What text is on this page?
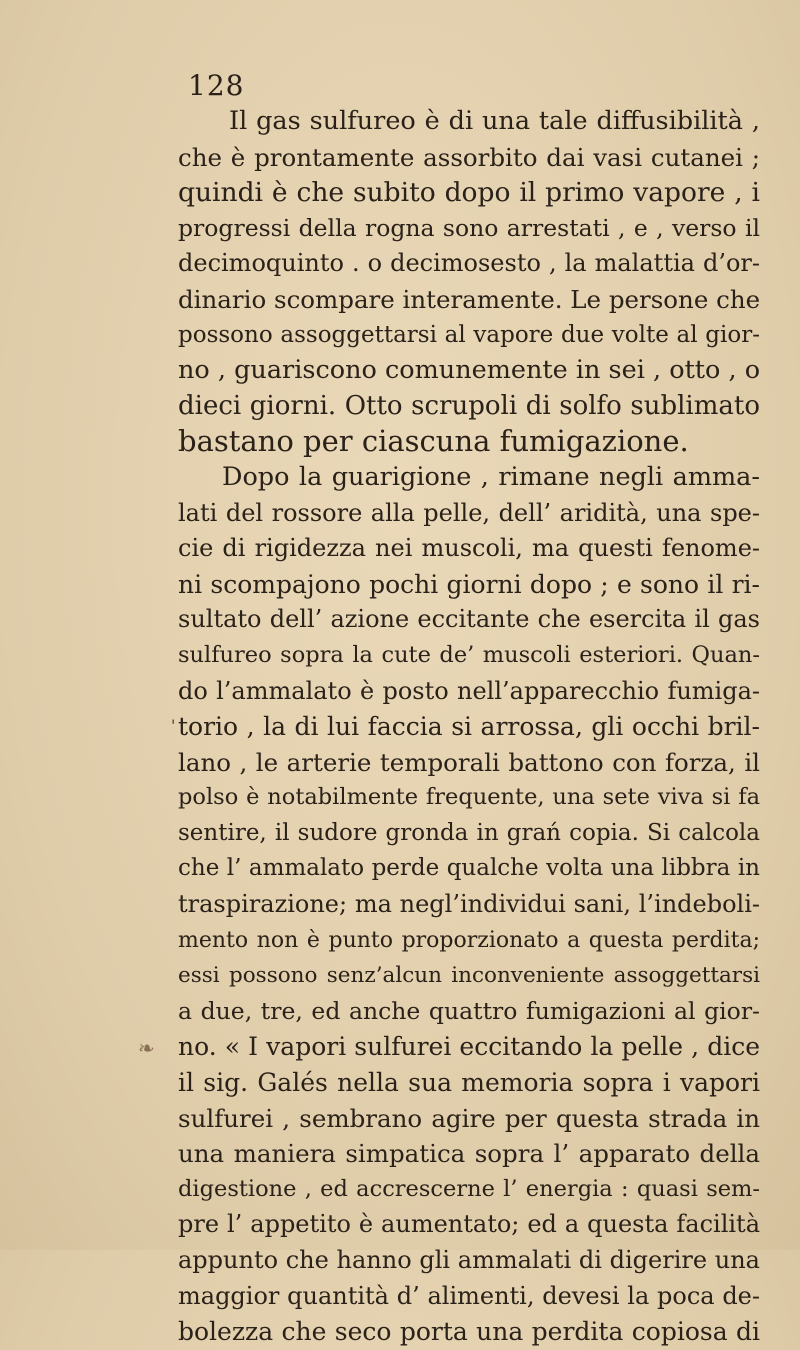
128
'
❧
Il gas sulfureo è di una tale diffusibilità ,
che è prontamente assorbito dai vasi cutanei ;
quindi è che subito dopo il primo vapore , i
progressi della rogna sono arrestati , e , verso il
decimoquinto . o decimosesto , la malattia d’or-
dinario scompare interamente. Le persone che
possono assoggettarsi al vapore due volte al gior-
no , guariscono comunemente in sei , otto , o
dieci giorni. Otto scrupoli di solfo sublimato
bastano per ciascuna fumigazione.
Dopo la guarigione , rimane negli amma-
lati del rossore alla pelle, dell’ aridità, una spe-
cie di rigidezza nei muscoli, ma questi fenome-
ni scompajono pochi giorni dopo ; e sono il ri-
sultato dell’ azione eccitante che esercita il gas
sulfureo sopra la cute de’ muscoli esteriori. Quan-
do l’ammalato è posto nell’apparecchio fumiga-
torio , la di lui faccia si arrossa, gli occhi bril-
lano , le arterie temporali battono con forza, il
polso è notabilmente frequente, una sete viva si fa
sentire, il sudore gronda in grań copia. Si calcola
che l’ ammalato perde qualche volta una libbra in
traspirazione; ma negl’individui sani, l’indeboli-
mento non è punto proporzionato a questa perdita;
essi possono senz’alcun inconveniente assoggettarsi
a due, tre, ed anche quattro fumigazioni al gior-
no. « I vapori sulfurei eccitando la pelle , dice
il sig. Galés nella sua memoria sopra i vapori
sulfurei , sembrano agire per questa strada in
una maniera simpatica sopra l’ apparato della
digestione , ed accrescerne l’ energia : quasi sem-
pre l’ appetito è aumentato; ed a questa facilità
appunto che hanno gli ammalati di digerire una
maggior quantità d’ alimenti, devesi la poca de-
bolezza che seco porta una perdita copiosa di
